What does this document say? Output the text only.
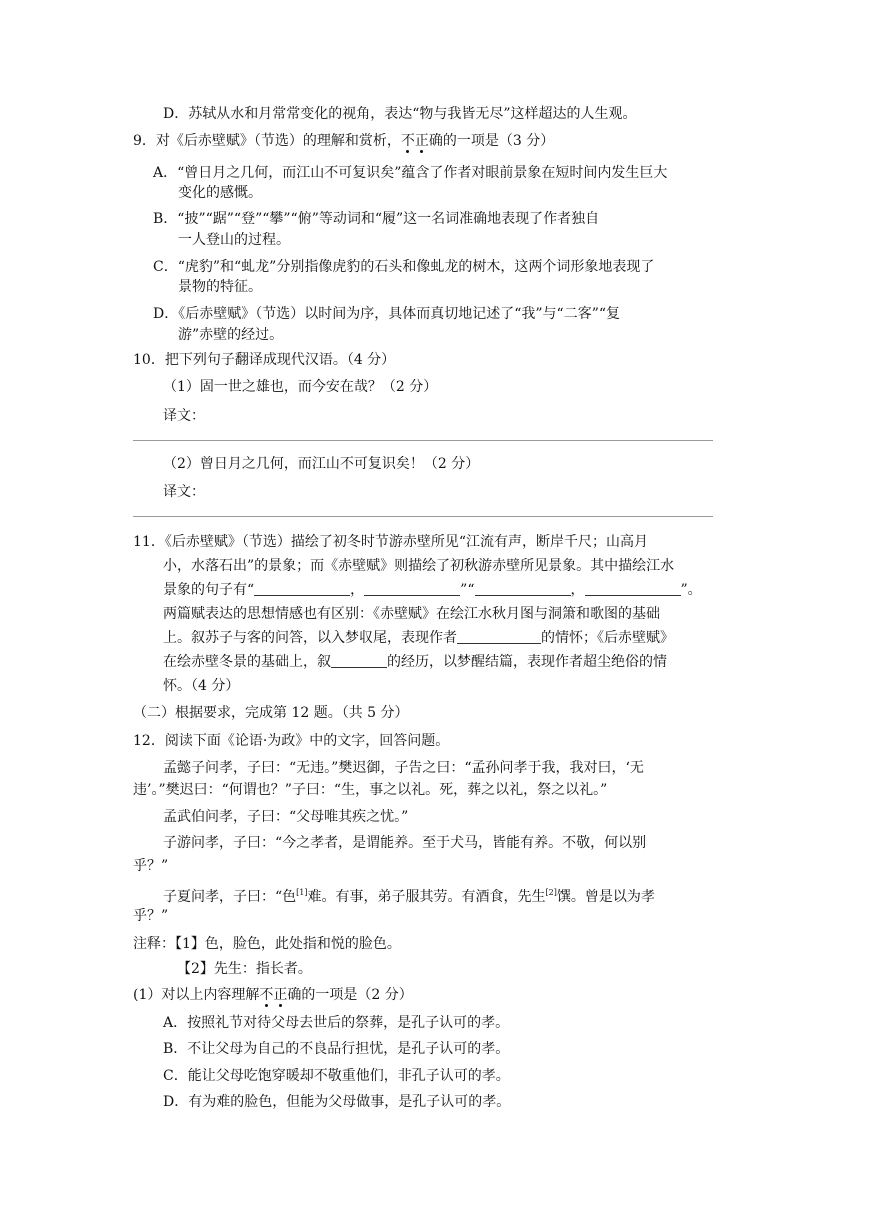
D．苏轼从水和月常常变化的视角，表达“物与我皆无尽”这样超达的人生观。
9．对《后赤壁赋》（节选）的理解和赏析，不正确的一项是（3 分）
A．“曾日月之几何，而江山不可复识矣”蕴含了作者对眼前景象在短时间内发生巨大
变化的感慨。
B．“披”“踞”“登”“攀”“俯”等动词和“履”这一名词准确地表现了作者独自
一人登山的过程。
C．“虎豹”和“虬龙”分别指像虎豹的石头和像虬龙的树木，这两个词形象地表现了
景物的特征。
D．《后赤壁赋》（节选）以时间为序，具体而真切地记述了“我”与“二客”“复
游”赤壁的经过。
10．把下列句子翻译成现代汉语。（4 分）
（1）固一世之雄也，而今安在哉？（2 分）
译文：
（2）曾日月之几何，而江山不可复识矣！（2 分）
译文：
11．《后赤壁赋》（节选）描绘了初冬时节游赤壁所见“江流有声，断岸千尺；山高月
小，水落石出”的景象；而《赤壁赋》则描绘了初秋游赤壁所见景象。其中描绘江水
景象的句子有“	，	”“	，	”。
两篇赋表达的思想情感也有区别：《赤壁赋》在绘江水秋月图与洞箫和歌图的基础
上。叙苏子与客的问答，以入梦収尾，表现作者	的情怀；《后赤壁赋》
在绘赤壁冬景的基础上，叙	的经历，以梦醒结篇，表现作者超尘绝俗的情
怀。（4 分）
（二）根据要求，完成第 12 题。（共 5 分）
12．阅读下面《论语·为政》中的文字，回答问题。
孟懿子问孝，子曰：“无违。”樊迟御，子告之曰：“孟孙问孝于我，我对曰，‘无
违’。”樊迟曰：“何谓也？”子曰：“生，事之以礼。死，葬之以礼，祭之以礼。”
孟武伯问孝，子曰：“父母唯其疾之忧。”
子游问孝，子曰：“今之孝者，是谓能养。至于犬马，皆能有养。不敬，何以别
乎？”
子夏问孝，子曰：“色[1]难。有事，弟子服其劳。有酒食，先生[2]馔。曾是以为孝
乎？”
注释：【1】色，脸色，此处指和悦的脸色。
【2】先生：指长者。
(1）对以上内容理解不正确的一项是（2 分）
A．按照礼节对待父母去世后的祭葬，是孔子认可的孝。
B．不让父母为自己的不良品行担忧，是孔子认可的孝。
C．能让父母吃饱穿暖却不敬重他们，非孔子认可的孝。
D．有为难的脸色，但能为父母做事，是孔子认可的孝。
